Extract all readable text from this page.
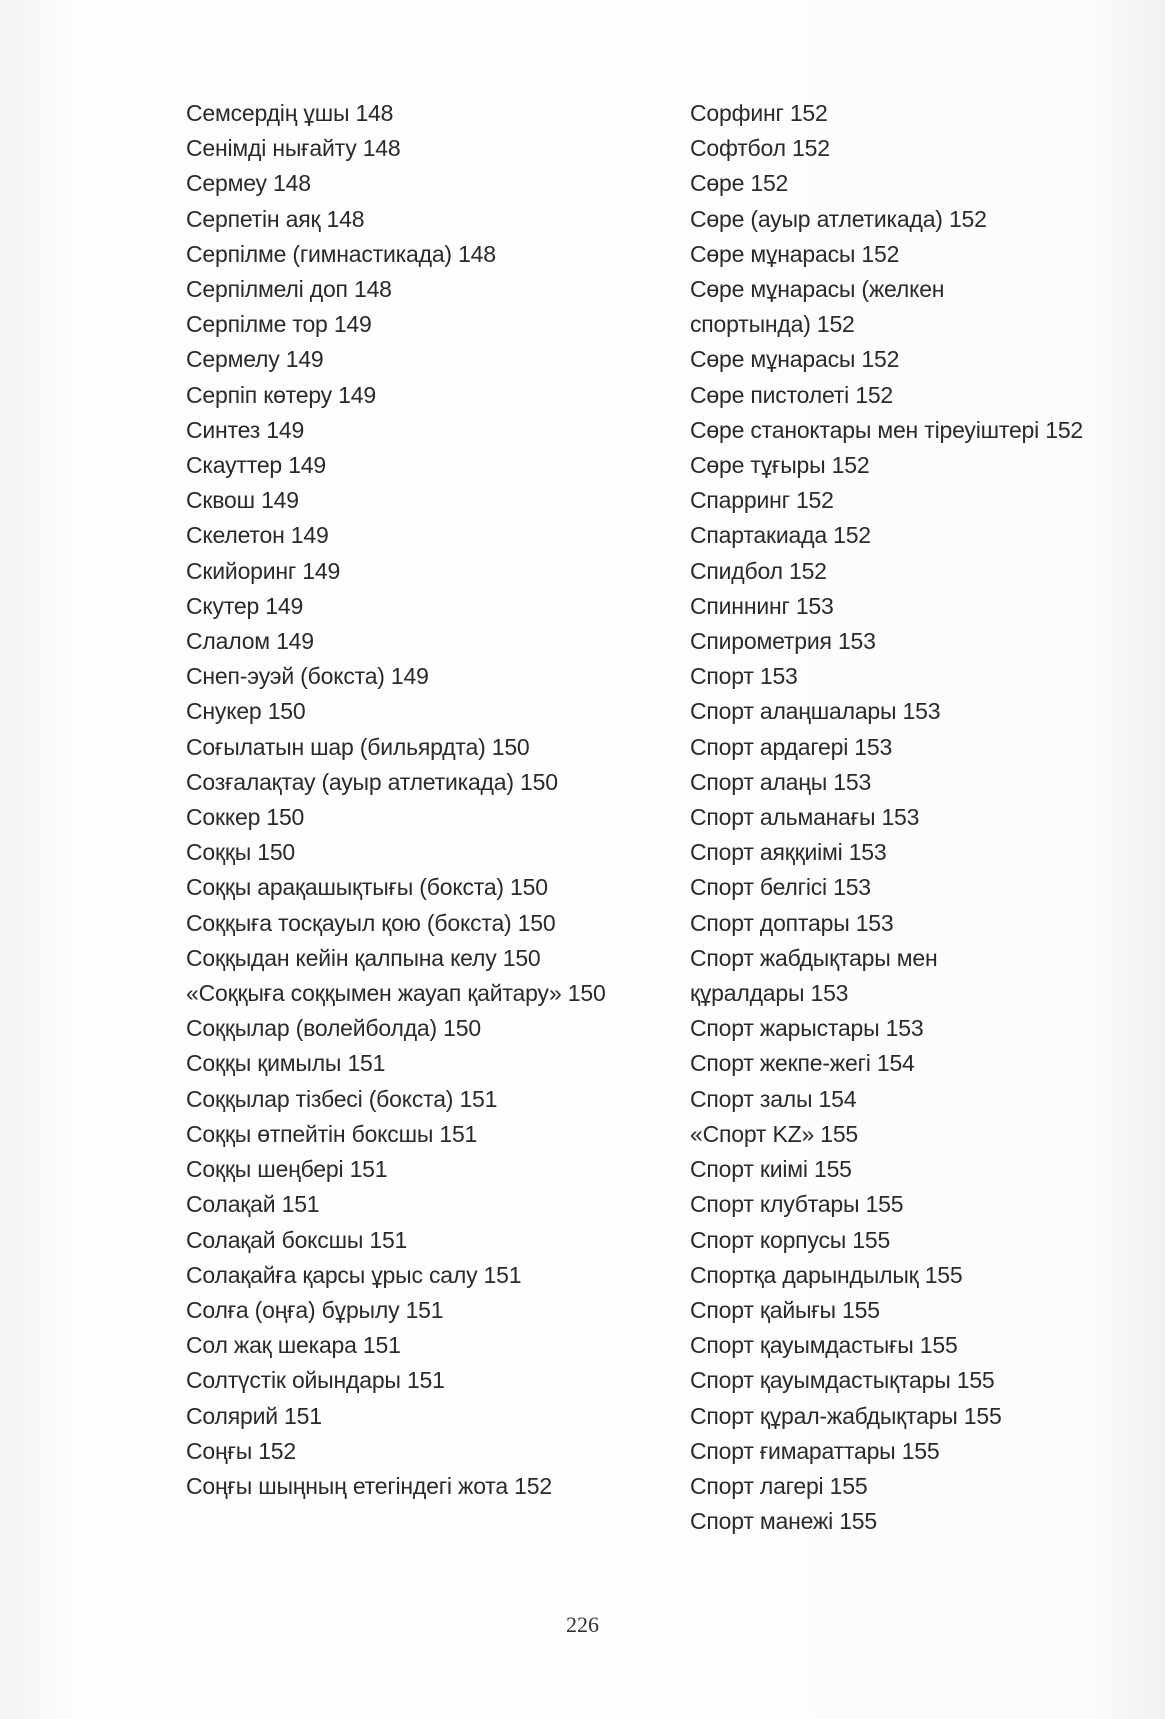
Семсердің ұшы 148
Сенімді нығайту 148
Сермеу 148
Серпетін аяқ 148
Серпілме (гимнастикада) 148
Серпілмелі доп 148
Серпілме тор 149
Сермелу 149
Серпіп көтеру 149
Синтез 149
Скауттер 149
Сквош 149
Скелетон 149
Скийоринг 149
Скутер 149
Слалом 149
Снеп-эуэй (бокста) 149
Снукер 150
Соғылатын шар (бильярдта) 150
Созғалақтау (ауыр атлетикада) 150
Соккер 150
Соққы 150
Соққы арақашықтығы (бокста) 150
Соққыға тосқауыл қою (бокста) 150
Соққыдан кейін қалпына келу 150
«Соққыға соққымен жауап қайтару» 150
Соққылар (волейболда) 150
Соққы қимылы 151
Соққылар тізбесі (бокста) 151
Соққы өтпейтін боксшы 151
Соққы шеңбері 151
Солақай 151
Солақай боксшы 151
Солақайға қарсы ұрыс салу 151
Солға (оңға) бұрылу 151
Сол жақ шекара 151
Солтүстік ойындары 151
Солярий 151
Соңғы 152
Соңғы шыңның етегіндегі жота 152
Сорфинг 152
Софтбол 152
Сөре 152
Сөре (ауыр атлетикада) 152
Сөре мұнарасы 152
Сөре мұнарасы (желкен спортында) 152
Сөре мұнарасы 152
Сөре пистолеті 152
Сөре станоктары мен тіреуіштері 152
Сөре тұғыры 152
Спарринг 152
Спартакиада 152
Спидбол 152
Спиннинг 153
Спирометрия 153
Спорт 153
Спорт алаңшалары 153
Спорт ардагері 153
Спорт алаңы 153
Спорт альманағы 153
Спорт аяққиімі 153
Спорт белгісі 153
Спорт доптары 153
Спорт жабдықтары мен құралдары 153
Спорт жарыстары 153
Спорт жекпе-жегі 154
Спорт залы 154
«Спорт KZ» 155
Спорт киімі 155
Спорт клубтары 155
Спорт корпусы 155
Спортқа дарындылық 155
Спорт қайығы 155
Спорт қауымдастығы 155
Спорт қауымдастықтары 155
Спорт құрал-жабдықтары 155
Спорт ғимараттары 155
Спорт лагері 155
Спорт манежі 155
226
